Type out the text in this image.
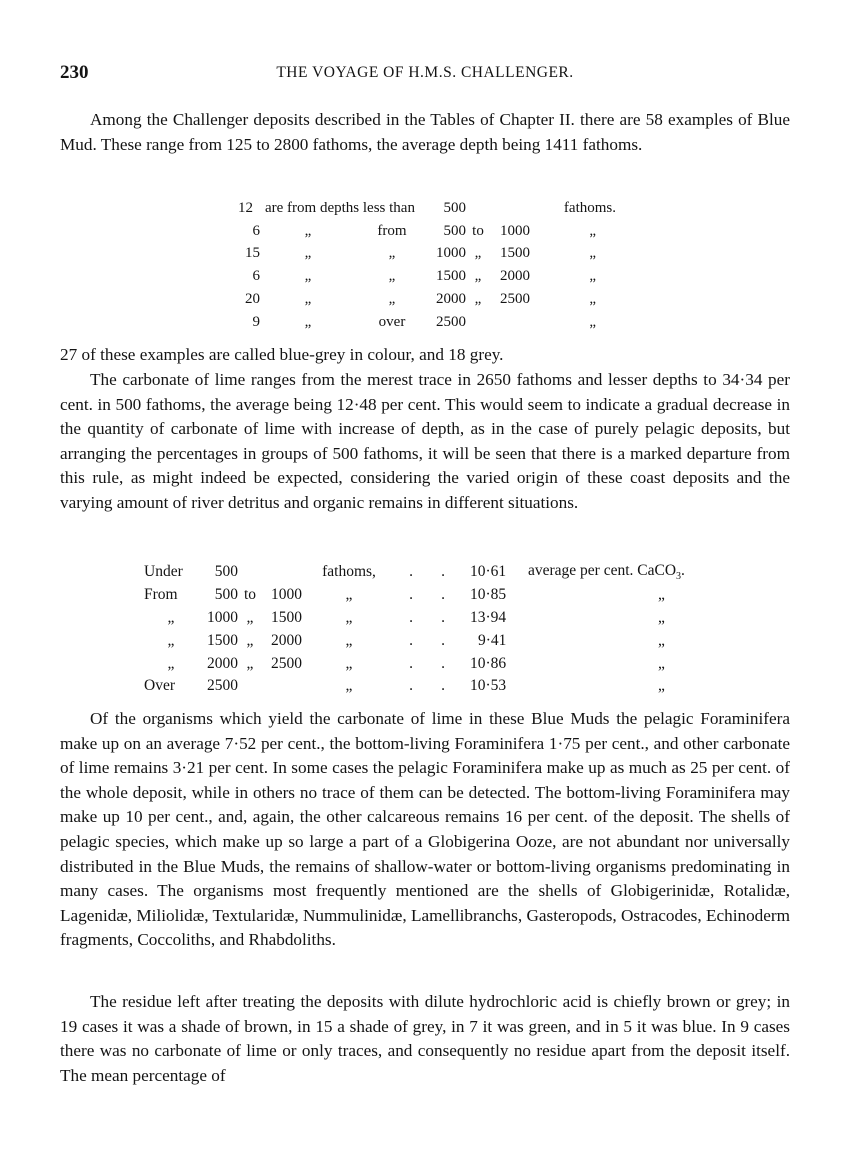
230	THE VOYAGE OF H.M.S. CHALLENGER.

Among the Challenger deposits described in the Tables of Chapter II. there are 58 examples of Blue Mud. These range from 125 to 2800 fathoms, the average depth being 1411 fathoms.

12	are from depths less than		500			fathoms.
6	„	from	500	to	1000	„
15	„	„	1000	„	1500	„
6	„	„	1500	„	2000	„
20	„	„	2000	„	2500	„
9	„	over	2500			„

27 of these examples are called blue-grey in colour, and 18 grey.

The carbonate of lime ranges from the merest trace in 2650 fathoms and lesser depths to 34·34 per cent. in 500 fathoms, the average being 12·48 per cent. This would seem to indicate a gradual decrease in the quantity of carbonate of lime with increase of depth, as in the case of purely pelagic deposits, but arranging the percentages in groups of 500 fathoms, it will be seen that there is a marked departure from this rule, as might indeed be expected, considering the varied origin of these coast deposits and the varying amount of river detritus and organic remains in different situations.

Under	500			fathoms,	.	.	10·61	average per cent. CaCO$_3$.
From	500	to	1000	„	.	.	10·85	„
„	1000	„	1500	„	.	.	13·94	„
„	1500	„	2000	„	.	.	9·41	„
„	2000	„	2500	„	.	.	10·86	„
Over	2500			„	.	.	10·53	„

Of the organisms which yield the carbonate of lime in these Blue Muds the pelagic Foraminifera make up on an average 7·52 per cent., the bottom-living Foraminifera 1·75 per cent., and other carbonate of lime remains 3·21 per cent. In some cases the pelagic Foraminifera make up as much as 25 per cent. of the whole deposit, while in others no trace of them can be detected. The bottom-living Foraminifera may make up 10 per cent., and, again, the other calcareous remains 16 per cent. of the deposit. The shells of pelagic species, which make up so large a part of a Globigerina Ooze, are not abundant nor universally distributed in the Blue Muds, the remains of shallow-water or bottom-living organisms predominating in many cases. The organisms most frequently mentioned are the shells of Globigerinidæ, Rotalidæ, Lagenidæ, Miliolidæ, Textularidæ, Nummulinidæ, Lamellibranchs, Gasteropods, Ostracodes, Echinoderm fragments, Coccoliths, and Rhabdoliths.

The residue left after treating the deposits with dilute hydrochloric acid is chiefly brown or grey; in 19 cases it was a shade of brown, in 15 a shade of grey, in 7 it was green, and in 5 it was blue. In 9 cases there was no carbonate of lime or only traces, and consequently no residue apart from the deposit itself. The mean percentage of
